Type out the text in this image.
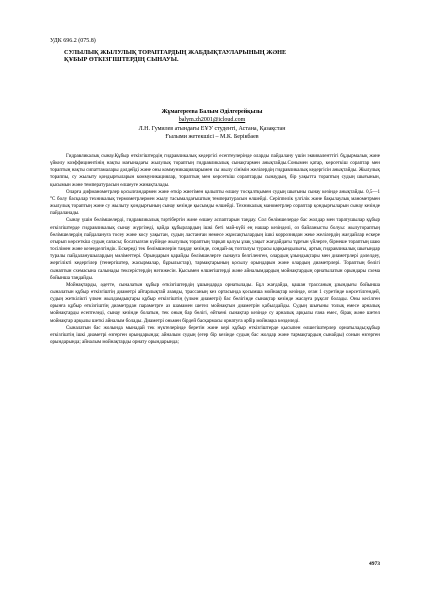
УДК 696.2 (075.8)
СУЛЫЛЫҚ ЖЫЛУЛЫҚ ТОРАПТАРДЫҢ ЖАБДЫҚТАУЛАРЫНЫҢ ЖӘНЕ
ҚҰБЫР ӨТКІЗГІШТЕРДІҢ СЫНАУЫ.
Жұмагереева Балым Әділгерейқызы
balym.zh2001@icloud.com
Л.Н. Гумилев атындағы ЕҰУ студенті, Астана, Қазақстан
Ғылыми жетекшісі – М.К. Берікбаев

Гидравликалық сынау.Құбыр өткізгіштердің гидравликалық кедергісі есептеулерінде оларды пайдалану үшін эквиваленттігі бұдырмалық және үйкелу коэффициентінің нақты мағынадағы жылулық тораптың гидравликалық сынақтармен анықтайды.Сонымен қатар, көрсеткіш сораптар мен тораптың нақты сипаттамалары дәлдейді және оны коммуникацияларымен сы жылу сінімін желілердің гидравликалық кедергісін анықтайды. Жылулық тораппы, су жылыту қондырғыларын коммуникациялар, тораптың мен көрсеткіш сораптарды сынаудың, бір уақытта тораптың судың шығынын, қысымын және температурасын өлшеуге жинақталады.

Оларға дифманометрлер қосылғандармен және өткір жиегімен қалыпты өлшеу тосқалтқымен судың шығыны сынау кезінде анықтайды. 0,5—1 °С болу басқалар техникалық термометрлермен жылу тасымалдағыштың температурасын өлшейді. Серіппелік үлгілік және бақылаулық манометрмен жылулық тораптың және су жылыту қондырғының сынау кезінде қысымды өлшейді. Техникалық манометрлер сораптар қондырғыларын сынау кезінде пайдаланады.

Сынау үшін бөлімшелерді, гидравликалық тәртібертін және өлшеу аспаптарын таңдау. Сол бөлімшелерде бас жолдар мен таратушылар құбыр өткізгіштерде гидравликалық сынау жүргізеді, қайда құбырлардың ішкі беті май-күйі ең нашар кезінделі, оз байланысты болуы: жылутораптың бөлімшелердің пайдалануға тосеу және косу уақытан, судың ластанғаи немесе жұмсақтылардың ішкі коррозиядан жеке желілердің жағдайлар ескере отырып көрсеткіш судың сапасы; босатылған күйінде жылулық тораптың тарқап қалуы ұзақ уақыт жағдайдағы тұрғын үйлерге, бірнеше тораптың шаю тосілімен және кезеңделгіндік. Ескереді тек бөлімшелерін таңдау кезінде, сондай-ақ топталуы турасы қарқындылығы, артық гидравликалық шығындар туралы пайдаланушылардың мәліметтері. Орындарын қарайды бөлімшелерге сынауға белгіленген, олардың ұзындықтары мен диаметрлері дәлелдеу, жергілікті кедергілер (тенергіштер, жасырмалар, бұрылыстар), тармақтарының қосылу орындарын және олардың диаметрлері. Тораптың бөлігі сынаптын схемасына салынады тексерістердің нәтижесін. Қысымен өлшегіштерді және айналымдардың мойнақтардың орнатылатын орындары схема бойынша таңдайды.

Мойнақтарды, әдетте, сыналатын құбыр өткізгіштердің ұшындарда орнатылады. Бұл жағдайда, қашан трассаның ұзындығы бойынша сыналатын құбыр өткізгіштің диаметрі айтарлықтай азаяды, трассаның кез ортасында қосымша мойнақтар кезінде, оған 1 суретінде көрсетілгендей, судың жеткілікті үлкен жылдамдықтары құбыр өткізгіштің (үлкен диаметрі) бас бөлігінде сынақтар кезінде жасауға рұқсат болады. Оны кесілген орынға құбыр өткізгіштің диаметрдан параметрге аз шамамен шетел мойнақтын диаметрін қабылдайды. Судың шығыны толық емесе арналық мойнақтарды есептеледі, сынау кезінде болатын, тек оның бар бөлігі, өйткені сынақтар кезінде су арналық арқылы ғана емес, бірақ және шетел мойнақтар арқылы шеткі айналым болады. Диаметрі оньмен бірдей басқармасы орнатуға әрбір мойнақка көзделеді.

Сыналатын бас жолында мынадай тек нүктелерінде беретін және кері құбыр өткізгіштерде қысыпен өлшегіштерлер орнатылады;құбыр өткізгіштің ішкі диаметрі өзгерген орындарында; айналым судың (егер бір кезінде судың бас жолдар және тармақтардың сынайды) сонын өзгерген орындарында; айналым мойнақтарды орнату орындарында;

4973
